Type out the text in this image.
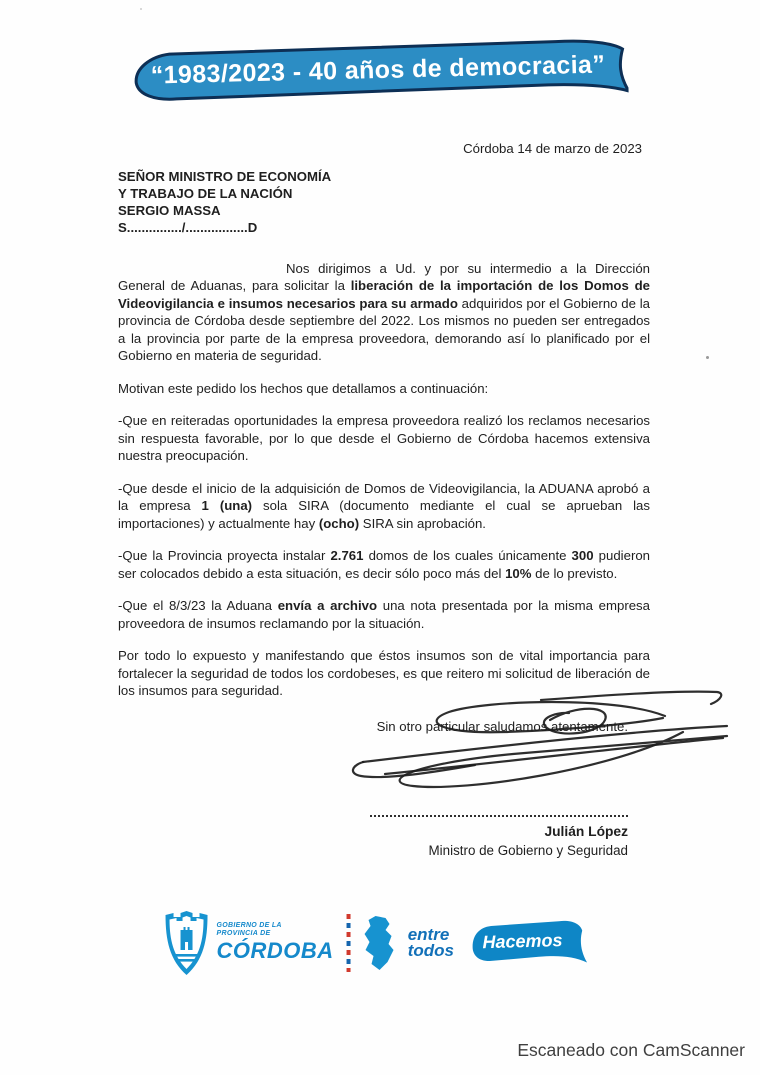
“1983/2023 - 40 años de democracia”
Córdoba 14 de marzo de 2023
SEÑOR MINISTRO DE ECONOMÍA
Y TRABAJO DE LA NACIÓN
SERGIO MASSA
S.............../.................D
Nos dirigimos a Ud. y por su intermedio a la Dirección General de Aduanas, para solicitar la liberación de la importación de los Domos de Videovigilancia e insumos necesarios para su armado adquiridos por el Gobierno de la provincia de Córdoba desde septiembre del 2022. Los mismos no pueden ser entregados a la provincia por parte de la empresa proveedora, demorando así lo planificado por el Gobierno en materia de seguridad.
Motivan este pedido los hechos que detallamos a continuación:
-Que en reiteradas oportunidades la empresa proveedora realizó los reclamos necesarios sin respuesta favorable, por lo que desde el Gobierno de Córdoba hacemos extensiva nuestra preocupación.
-Que desde el inicio de la adquisición de Domos de Videovigilancia, la ADUANA aprobó a la empresa 1 (una) sola SIRA (documento mediante el cual se aprueban las importaciones) y actualmente hay (ocho) SIRA sin aprobación.
-Que la Provincia proyecta instalar 2.761 domos de los cuales únicamente 300 pudieron ser colocados debido a esta situación, es decir sólo poco más del 10% de lo previsto.
-Que el 8/3/23 la Aduana envía a archivo una nota presentada por la misma empresa proveedora de insumos reclamando por la situación.
Por todo lo expuesto y manifestando que éstos insumos son de vital importancia para fortalecer la seguridad de todos los cordobeses, es que reitero mi solicitud de liberación de los insumos para seguridad.
Sin otro particular saludamos atentamente.
Julián López
Ministro de Gobierno y Seguridad
GOBIERNO DE LA
PROVINCIA DE
CÓRDOBA
entre
todos	Hacemos
Escaneado con CamScanner
